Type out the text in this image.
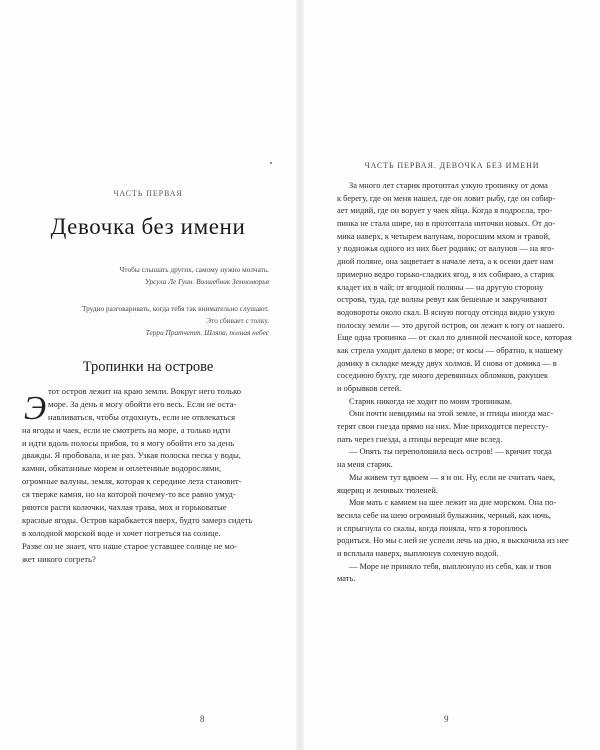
ЧАСТЬ ПЕРВАЯ
Девочка без имени
Чтобы слышать других, самому нужно молчать.
Урсула Ле Гуин. Волшебник Земноморья
Трудно разговаривать, когда тебя так внимательно слушают.
Это сбивает с толку.
Терри Пратчетт. Шляпа, полная небес
Тропинки на острове
Э тот остров лежит на краю земли. Вокруг него только
море. За день я могу обойти его весь. Если не оста-
навливаться, чтобы отдохнуть, если не отвлекаться
на ягоды и чаек, если не смотреть на море, а только идти
и идти вдоль полосы прибоя, то я могу обойти его за день
дважды. Я пробовала, и не раз. Узкая полоска песка у воды,
камни, обкатанные морем и оплетенные водорослями,
огромные валуны, земля, которая к середине лета становит-
ся тверже камня, но на которой почему-то все равно умуд-
ряются расти колючки, чахлая трава, мох и горьковатые
красные ягоды. Остров карабкается вверх, будто замерз сидеть
в холодной морской воде и хочет погреться на солнце.
Разве он не знает, что наше старое уставшее солнце не мо-
жет никого согреть?
8
ЧАСТЬ ПЕРВАЯ. ДЕВОЧКА БЕЗ ИМЕНИ
За много лет старик протоптал узкую тропинку от дома
к берегу, где он меня нашел, где он ловит рыбу, где он собир-
ает мидий, где он ворует у чаек яйца. Когда я подросла, тро-
пинка не стала шире, но в протоптала ниточки новых. От до-
мика наверх, к четырем валунам, поросшим мхом и травой,
у подножья одного из них бьет родник; от валунов — на яго-
дной поляне, она зацветает в начале лета, а к осени дает нам
примерно ведро горько-сладких ягод, я их собираю, а старик
кладет их в чай; от ягодной поляны — на другую сторону
острова, туда, где волны ревут как бешеные и закручивают
водовороты около скал. В ясную погоду отсюда видно узкую
полоску земли — это другой остров, он лежит к югу от нашего.
Еще одна тропинка — от скал по длинной песчаной косе, которая
как стрела уходит далеко в море; от косы — обратно, к нашему
домику в складке между двух холмов. И снова от домика — в
соседнюю бухту, где много деревянных обломков, ракушек
и обрывков сетей.
Старик никогда не ходит по моим тропинкам.
Они почти невидимы на этой земле, и птицы иногда мас-
терят свои гнезда прямо на них. Мне приходится перессту-
пать через гнезда, а птицы верещат мне вслед.
— Опять ты переполошила весь остров! — кричит тогда
на меня старик.
Мы живем тут вдвоем — я и он. Ну, если не считать чаек,
ящериц и ленивых тюленей.
Моя мать с камнем на шее лежит на дне морском. Она по-
весила себе на шею огромный булыжник, черный, как ночь,
и спрыгнула со скалы, когда поняла, что я тороплюсь
родиться. Но мы с ней не успели лечь на дно, я выскочила из нее
и всплыла наверх, выплюнув соленую водой.
— Море не приняло тебя, выплюнуло из себя, как и твоя
мать.
9
